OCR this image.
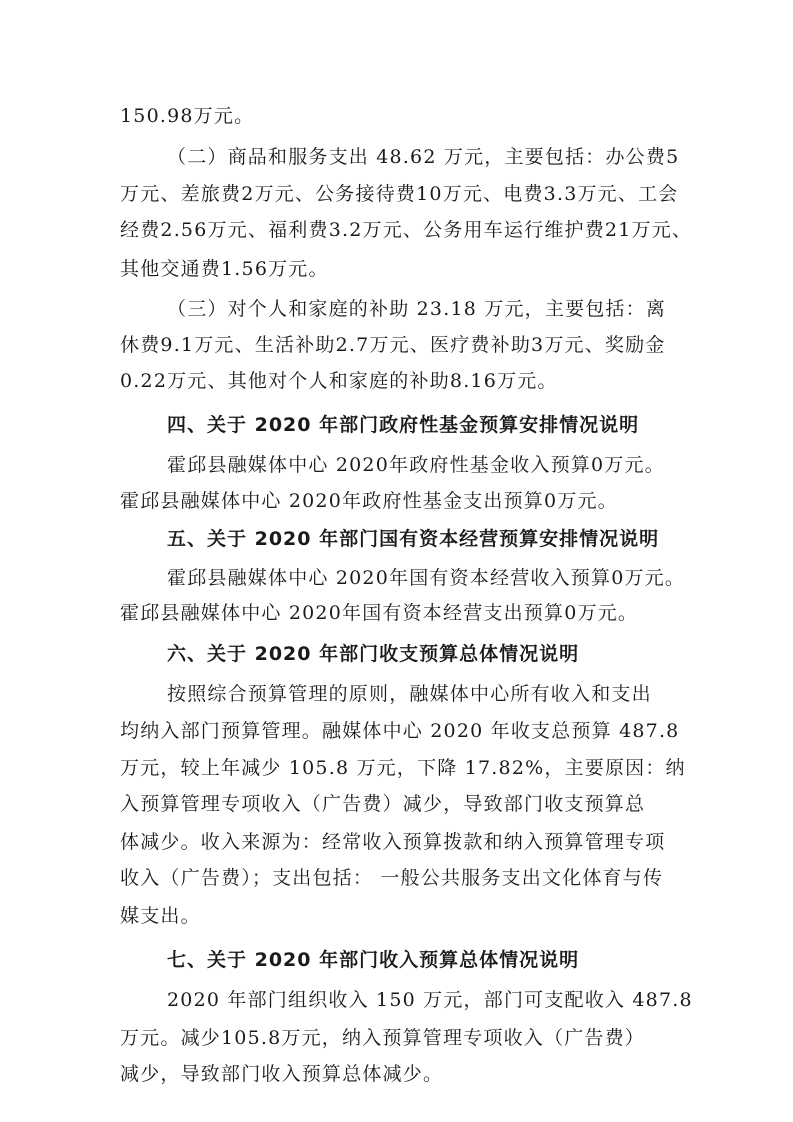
150.98万元。

（二）商品和服务支出 48.62 万元，主要包括：办公费5

万元、差旅费2万元、公务接待费10万元、电费3.3万元、工会

经费2.56万元、福利费3.2万元、公务用车运行维护费21万元、

其他交通费1.56万元。

（三）对个人和家庭的补助 23.18 万元，主要包括：离

休费9.1万元、生活补助2.7万元、医疗费补助3万元、奖励金

0.22万元、其他对个人和家庭的补助8.16万元。

四、关于 2020 年部门政府性基金预算安排情况说明

霍邱县融媒体中心 2020年政府性基金收入预算0万元。

霍邱县融媒体中心 2020年政府性基金支出预算0万元。

五、关于 2020 年部门国有资本经营预算安排情况说明

霍邱县融媒体中心 2020年国有资本经营收入预算0万元。

霍邱县融媒体中心 2020年国有资本经营支出预算0万元。

六、关于 2020 年部门收支预算总体情况说明

按照综合预算管理的原则，融媒体中心所有收入和支出

均纳入部门预算管理。融媒体中心 2020 年收支总预算 487.8

万元，较上年减少 105.8 万元，下降 17.82%，主要原因：纳

入预算管理专项收入（广告费）减少，导致部门收支预算总

体减少。收入来源为：经常收入预算拨款和纳入预算管理专项

收入（广告费）；支出包括： 一般公共服务支出文化体育与传

媒支出。

七、关于 2020 年部门收入预算总体情况说明

2020 年部门组织收入 150 万元，部门可支配收入 487.8

万元。减少105.8万元，纳入预算管理专项收入（广告费）

减少，导致部门收入预算总体减少。
